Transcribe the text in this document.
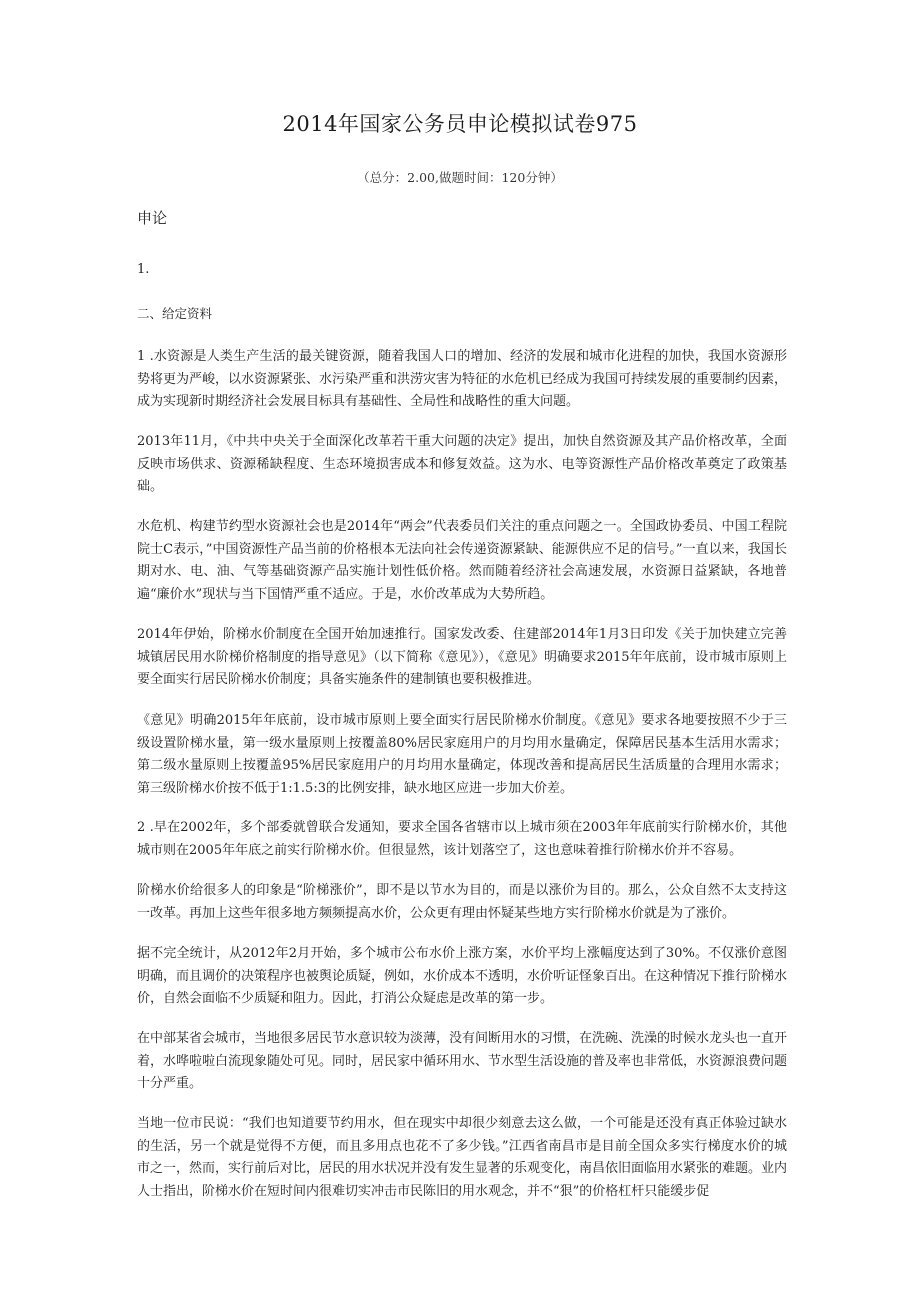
2014年国家公务员申论模拟试卷975
（总分：2.00,做题时间：120分钟）
申论
1.
二、给定资料

1 .水资源是人类生产生活的最关键资源，随着我国人口的增加、经济的发展和城市化进程的加快，我国水资源形势将更为严峻，以水资源紧张、水污染严重和洪涝灾害为特征的水危机已经成为我国可持续发展的重要制约因素，成为实现新时期经济社会发展目标具有基础性、全局性和战略性的重大问题。

2013年11月，《中共中央关于全面深化改革若干重大问题的决定》提出，加快自然资源及其产品价格改革，全面反映市场供求、资源稀缺程度、生态环境损害成本和修复效益。这为水、电等资源性产品价格改革奠定了政策基础。

水危机、构建节约型水资源社会也是2014年“两会”代表委员们关注的重点问题之一。全国政协委员、中国工程院院士C表示，”中国资源性产品当前的价格根本无法向社会传递资源紧缺、能源供应不足的信号。”一直以来，我国长期对水、电、油、气等基础资源产品实施计划性低价格。然而随着经济社会高速发展，水资源日益紧缺，各地普遍“廉价水”现状与当下国情严重不适应。于是，水价改革成为大势所趋。

2014年伊始，阶梯水价制度在全国开始加速推行。国家发改委、住建部2014年1月3日印发《关于加快建立完善城镇居民用水阶梯价格制度的指导意见》（以下简称《意见》），《意见》明确要求2015年年底前，设市城市原则上要全面实行居民阶梯水价制度；具备实施条件的建制镇也要积极推进。

《意见》明确2015年年底前，设市城市原则上要全面实行居民阶梯水价制度。《意见》要求各地要按照不少于三级设置阶梯水量，第一级水量原则上按覆盖80%居民家庭用户的月均用水量确定，保障居民基本生活用水需求；第二级水量原则上按覆盖95%居民家庭用户的月均用水量确定，体现改善和提高居民生活质量的合理用水需求；第三级阶梯水价按不低于1:1.5:3的比例安排，缺水地区应进一步加大价差。

2 .早在2002年，多个部委就曾联合发通知，要求全国各省辖市以上城市须在2003年年底前实行阶梯水价，其他城市则在2005年年底之前实行阶梯水价。但很显然，该计划落空了，这也意味着推行阶梯水价并不容易。

阶梯水价给很多人的印象是“阶梯涨价”，即不是以节水为目的，而是以涨价为目的。那么，公众自然不太支持这一改革。再加上这些年很多地方频频提高水价，公众更有理由怀疑某些地方实行阶梯水价就是为了涨价。

据不完全统计，从2012年2月开始，多个城市公布水价上涨方案，水价平均上涨幅度达到了30%。不仅涨价意图明确，而且调价的决策程序也被舆论质疑，例如，水价成本不透明，水价听证怪象百出。在这种情况下推行阶梯水价，自然会面临不少质疑和阻力。因此，打消公众疑虑是改革的第一步。

在中部某省会城市，当地很多居民节水意识较为淡薄，没有间断用水的习惯，在洗碗、洗澡的时候水龙头也一直开着，水哗啦啦白流现象随处可见。同时，居民家中循环用水、节水型生活设施的普及率也非常低，水资源浪费问题十分严重。

当地一位市民说：“我们也知道要节约用水，但在现实中却很少刻意去这么做，一个可能是还没有真正体验过缺水的生活，另一个就是觉得不方便，而且多用点也花不了多少钱。”江西省南昌市是目前全国众多实行梯度水价的城市之一，然而，实行前后对比，居民的用水状况并没有发生显著的乐观变化，南昌依旧面临用水紧张的难题。业内人士指出，阶梯水价在短时间内很难切实冲击市民陈旧的用水观念，并不“狠”的价格杠杆只能缓步促
